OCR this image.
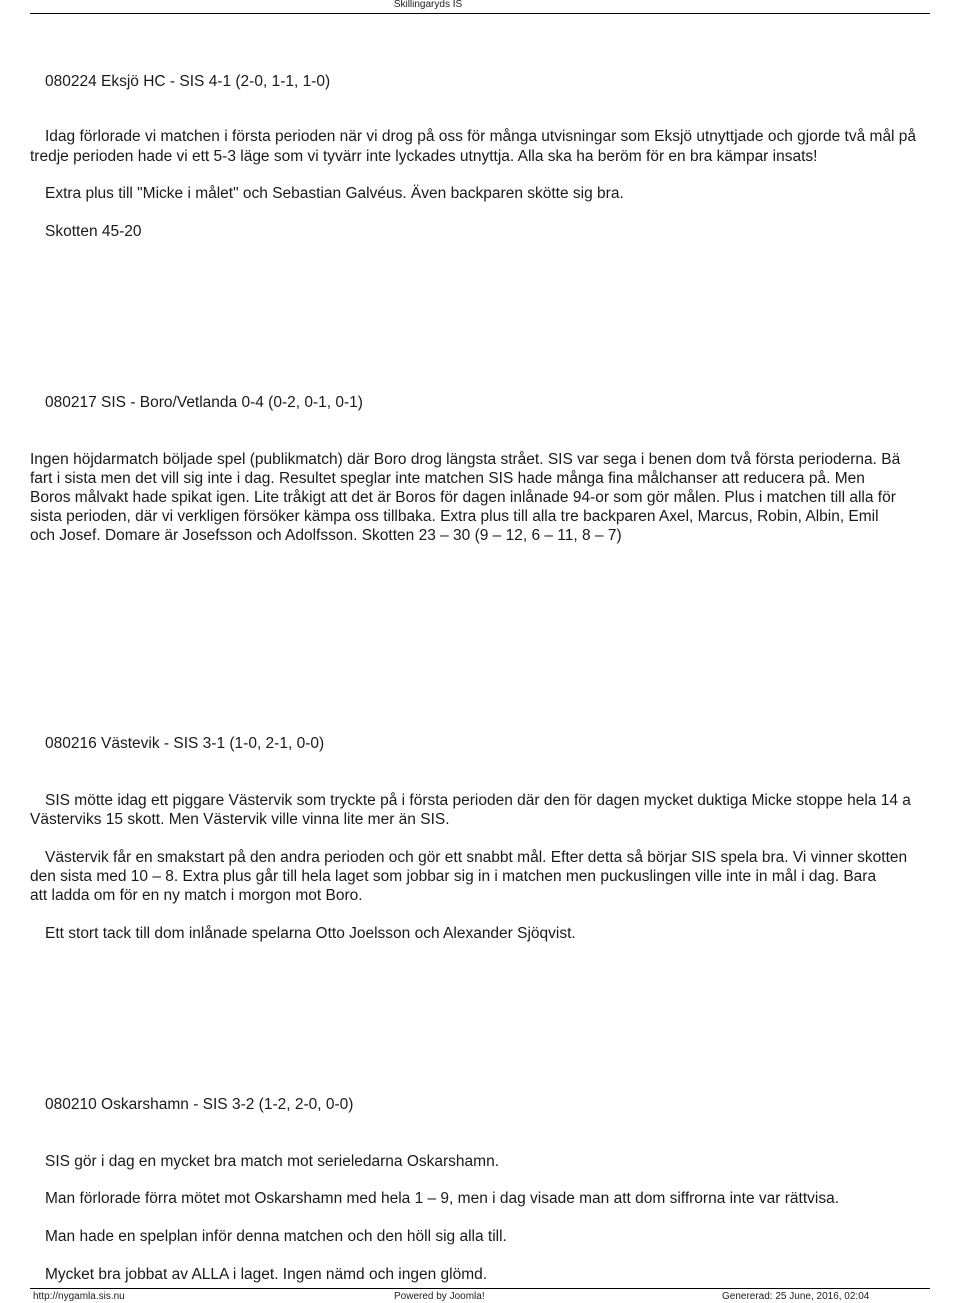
Skillingaryds IS
080224 Eksjö HC - SIS 4-1 (2-0, 1-1, 1-0)
Idag förlorade vi matchen i första perioden när vi drog på oss för många utvisningar som Eksjö utnyttjade och gjorde två mål på
tredje perioden hade vi ett 5-3 läge som vi tyvärr inte lyckades utnyttja. Alla ska ha beröm för en bra kämpar insats!
Extra plus till "Micke i målet" och Sebastian Galvéus. Även backparen skötte sig bra.
Skotten 45-20
080217 SIS - Boro/Vetlanda 0-4 (0-2, 0-1, 0-1)
Ingen höjdarmatch böljade spel (publikmatch) där Boro drog längsta strået. SIS var sega i benen dom två första perioderna. Bä
fart i sista men det vill sig inte i dag. Resultet speglar inte matchen SIS hade många fina målchanser att reducera på. Men
Boros målvakt hade spikat igen. Lite tråkigt att det är Boros för dagen inlånade 94-or som gör målen. Plus i matchen till alla för
sista perioden, där vi verkligen försöker kämpa oss tillbaka. Extra plus till alla tre backparen Axel, Marcus, Robin, Albin, Emil
och Josef. Domare är Josefsson och Adolfsson. Skotten 23 – 30 (9 – 12, 6 – 11, 8 – 7)
080216 Västevik - SIS 3-1 (1-0, 2-1, 0-0)
SIS mötte idag ett piggare Västervik som tryckte på i första perioden där den för dagen mycket duktiga Micke stoppe hela 14 a
Västerviks 15 skott. Men Västervik ville vinna lite mer än SIS.
Västervik får en smakstart på den andra perioden och gör ett snabbt mål. Efter detta så börjar SIS spela bra. Vi vinner skotten
den sista med 10 – 8. Extra plus går till hela laget som jobbar sig in i matchen men puckuslingen ville inte in mål i dag. Bara
att ladda om för en ny match i morgon mot Boro.
Ett stort tack till dom inlånade spelarna Otto Joelsson och Alexander Sjöqvist.
080210 Oskarshamn - SIS 3-2 (1-2, 2-0, 0-0)
SIS gör i dag en mycket bra match mot serieledarna Oskarshamn.
Man förlorade förra mötet mot Oskarshamn med hela 1 – 9, men i dag visade man att dom siffrorna inte var rättvisa.
Man hade en spelplan inför denna matchen och den höll sig alla till.
Mycket bra jobbat av ALLA i laget. Ingen nämd och ingen glömd.
http://nygamla.sis.nu	Powered by Joomla!	Genererad: 25 June, 2016, 02:04
